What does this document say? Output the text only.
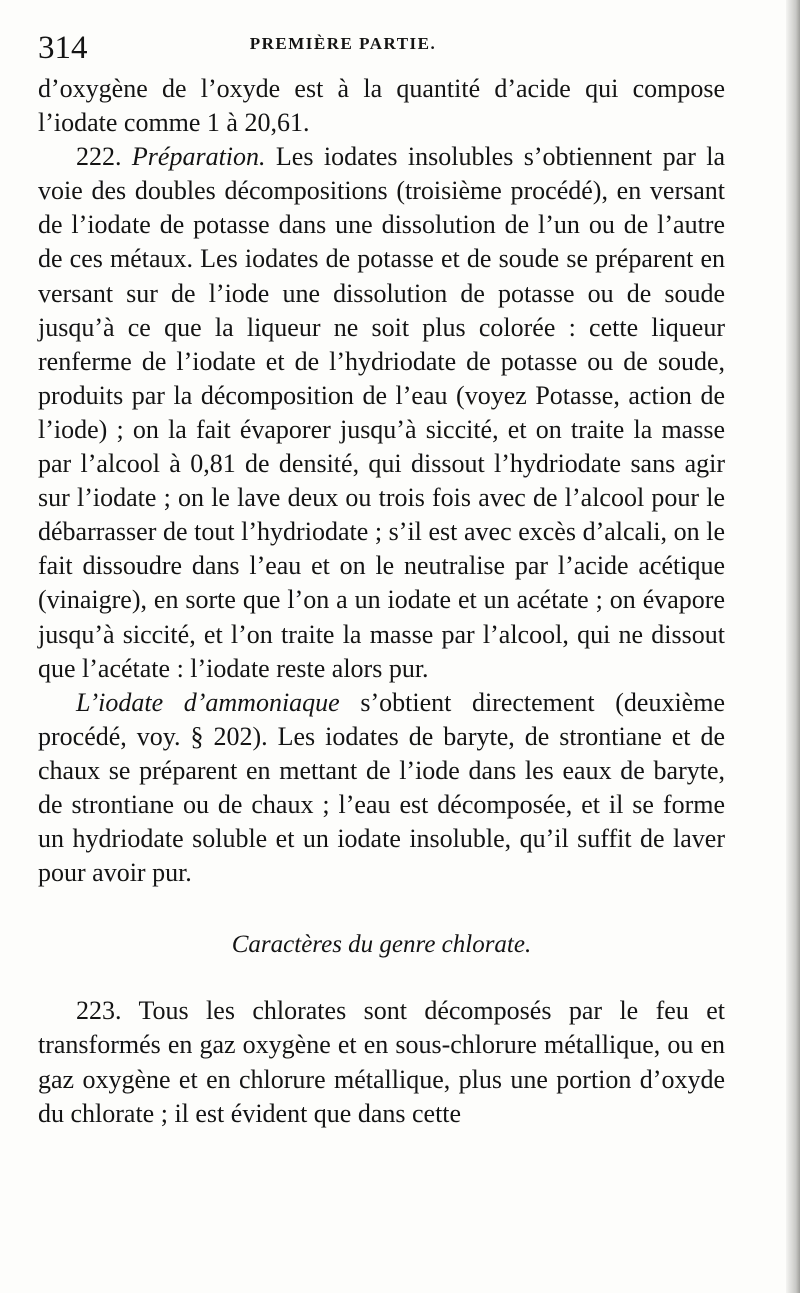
314	PREMIÈRE PARTIE.

d’oxygène de l’oxyde est à la quantité d’acide qui compose l’iodate comme 1 à 20,61.

222. Préparation. Les iodates insolubles s’obtiennent par la voie des doubles décompositions (troisième procédé), en versant de l’iodate de potasse dans une dissolution de l’un ou de l’autre de ces métaux. Les iodates de potasse et de soude se préparent en versant sur de l’iode une dissolution de potasse ou de soude jusqu’à ce que la liqueur ne soit plus colorée : cette liqueur renferme de l’iodate et de l’hydriodate de potasse ou de soude, produits par la décomposition de l’eau (voyez Potasse, action de l’iode) ; on la fait évaporer jusqu’à siccité, et on traite la masse par l’alcool à 0,81 de densité, qui dissout l’hydriodate sans agir sur l’iodate ; on le lave deux ou trois fois avec de l’alcool pour le débarrasser de tout l’hydriodate ; s’il est avec excès d’alcali, on le fait dissoudre dans l’eau et on le neutralise par l’acide acétique (vinaigre), en sorte que l’on a un iodate et un acétate ; on évapore jusqu’à siccité, et l’on traite la masse par l’alcool, qui ne dissout que l’acétate : l’iodate reste alors pur.

L’iodate d’ammoniaque s’obtient directement (deuxième procédé, voy. § 202). Les iodates de baryte, de strontiane et de chaux se préparent en mettant de l’iode dans les eaux de baryte, de strontiane ou de chaux ; l’eau est décomposée, et il se forme un hydriodate soluble et un iodate insoluble, qu’il suffit de laver pour avoir pur.

Caractères du genre chlorate.

223. Tous les chlorates sont décomposés par le feu et transformés en gaz oxygène et en sous-chlorure métallique, ou en gaz oxygène et en chlorure métallique, plus une portion d’oxyde du chlorate ; il est évident que dans cette
